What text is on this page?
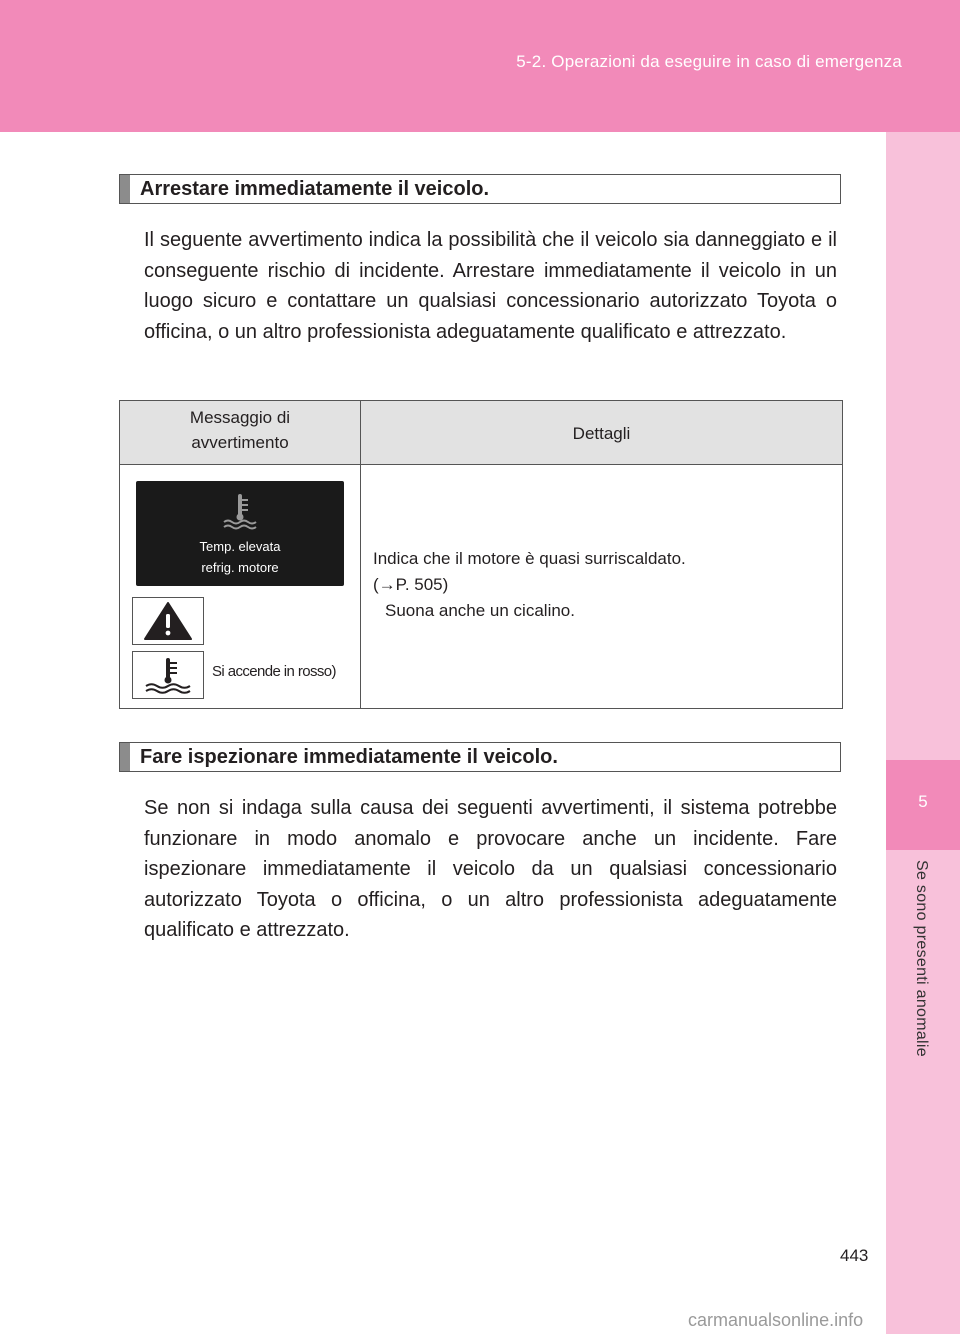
5-2. Operazioni da eseguire in caso di emergenza
5
Se sono presenti anomalie
Arrestare immediatamente il veicolo.

Il seguente avvertimento indica la possibilità che il veicolo sia danneggiato e il conseguente rischio di incidente. Arrestare immediatamente il veicolo in un luogo sicuro e contattare un qualsiasi concessionario autorizzato Toyota o officina, o un altro professionista adeguatamente qualificato e attrezzato.

Messaggio di
avvertimento	Dettagli
Temp. elevata
refrig. motore
Si accende in rosso)
Indica che il motore è quasi surriscaldato.
(→P. 505)
Suona anche un cicalino.
Fare ispezionare immediatamente il veicolo.

Se non si indaga sulla causa dei seguenti avvertimenti, il sistema potrebbe funzionare in modo anomalo e provocare anche un incidente. Fare ispezionare immediatamente il veicolo da un qualsiasi concessionario autorizzato Toyota o officina, o un altro professionista adeguatamente qualificato e attrezzato.

443
carmanualsonline.info
